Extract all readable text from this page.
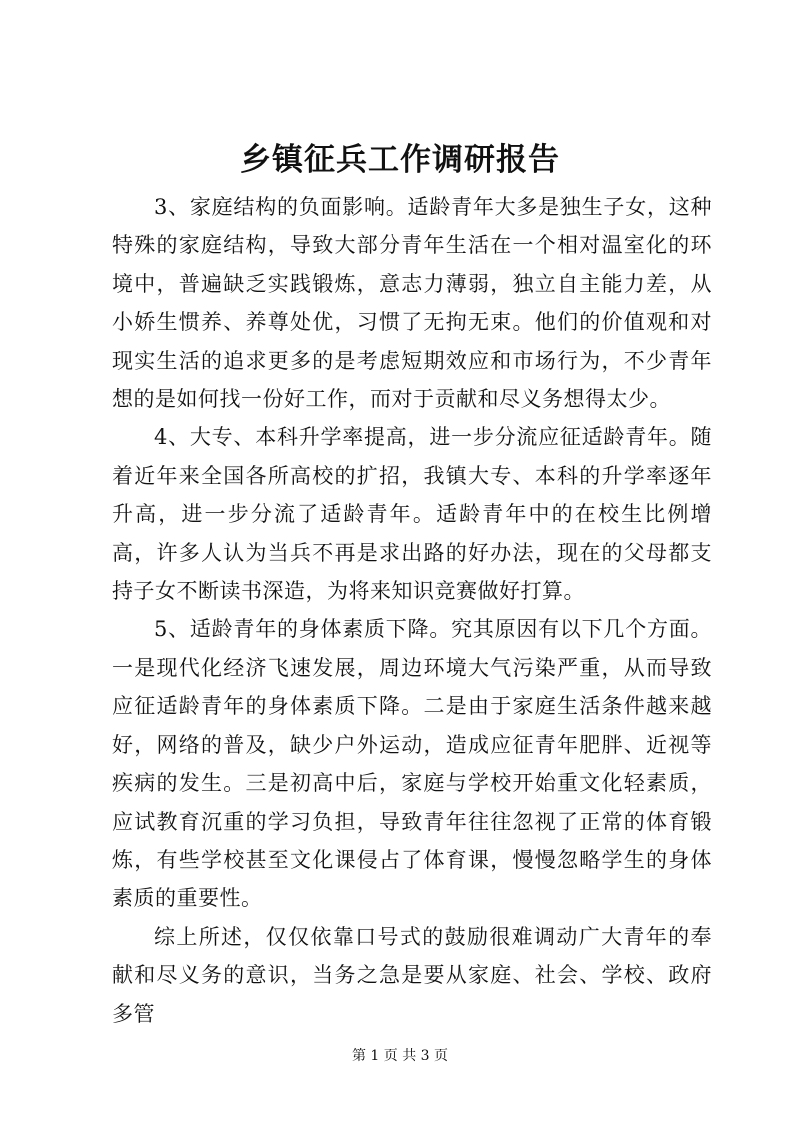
乡镇征兵工作调研报告

3、家庭结构的负面影响。适龄青年大多是独生子女，这种特殊的家庭结构，导致大部分青年生活在一个相对温室化的环境中，普遍缺乏实践锻炼，意志力薄弱，独立自主能力差，从小娇生惯养、养尊处优，习惯了无拘无束。他们的价值观和对现实生活的追求更多的是考虑短期效应和市场行为，不少青年想的是如何找一份好工作，而对于贡献和尽义务想得太少。

4、大专、本科升学率提高，进一步分流应征适龄青年。随着近年来全国各所高校的扩招，我镇大专、本科的升学率逐年升高，进一步分流了适龄青年。适龄青年中的在校生比例增高，许多人认为当兵不再是求出路的好办法，现在的父母都支持子女不断读书深造，为将来知识竞赛做好打算。

5、适龄青年的身体素质下降。究其原因有以下几个方面。一是现代化经济飞速发展，周边环境大气污染严重，从而导致应征适龄青年的身体素质下降。二是由于家庭生活条件越来越好，网络的普及，缺少户外运动，造成应征青年肥胖、近视等疾病的发生。三是初高中后，家庭与学校开始重文化轻素质，应试教育沉重的学习负担，导致青年往往忽视了正常的体育锻炼，有些学校甚至文化课侵占了体育课，慢慢忽略学生的身体素质的重要性。

综上所述，仅仅依靠口号式的鼓励很难调动广大青年的奉献和尽义务的意识，当务之急是要从家庭、社会、学校、政府多管

第 1 页 共 3 页
